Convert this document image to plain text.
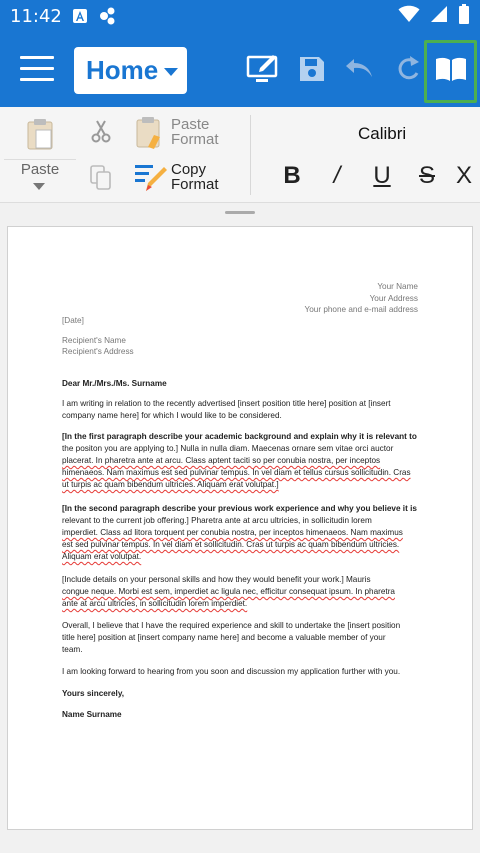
11:42
Home
Paste
Paste
Format
Copy
Format
Calibri
B	/	U S X
Your Name
Your Address
Your phone and e-mail address
[Date]
Recipient's Name
Recipient's Address
Dear Mr./Mrs./Ms. Surname
I am writing in relation to the recently advertised [insert position title here] position at [insert
company name here] for which I would like to be considered.
[In the first paragraph describe your academic background and explain why it is relevant to
the positon you are applying to.] Nulla in nulla diam. Maecenas ornare sem vitae orci auctor
placerat. In pharetra ante at arcu. Class aptent taciti so per conubia nostra, per inceptos
himenaeos. Nam maximus est sed pulvinar tempus. In vel diam et tellus cursus sollicitudin. Cras
ut turpis ac quam bibendum ultricies. Aliquam erat volutpat.]
[In the second paragraph describe your previous work experience and why you believe it is
relevant to the current job offering.] Pharetra ante at arcu ultricies, in sollicitudin lorem
imperdiet. Class ad litora torquent per conubia nostra, per inceptos himenaeos. Nam maximus
est sed pulvinar tempus. In vel diam et sollicitudin. Cras ut turpis ac quam bibendum ultricies.
Aliquam erat volutpat.
[Include details on your personal skills and how they would benefit your work.] Mauris
congue neque. Morbi est sem, imperdiet ac ligula nec, efficitur consequat ipsum. In pharetra
ante at arcu ultricies, in sollicitudin lorem imperdiet.
Overall, I believe that I have the required experience and skill to undertake the [insert position
title here] position at [insert company name here] and become a valuable member of your
team.
I am looking forward to hearing from you soon and discussion my application further with you.
Yours sincerely,
Name Surname
